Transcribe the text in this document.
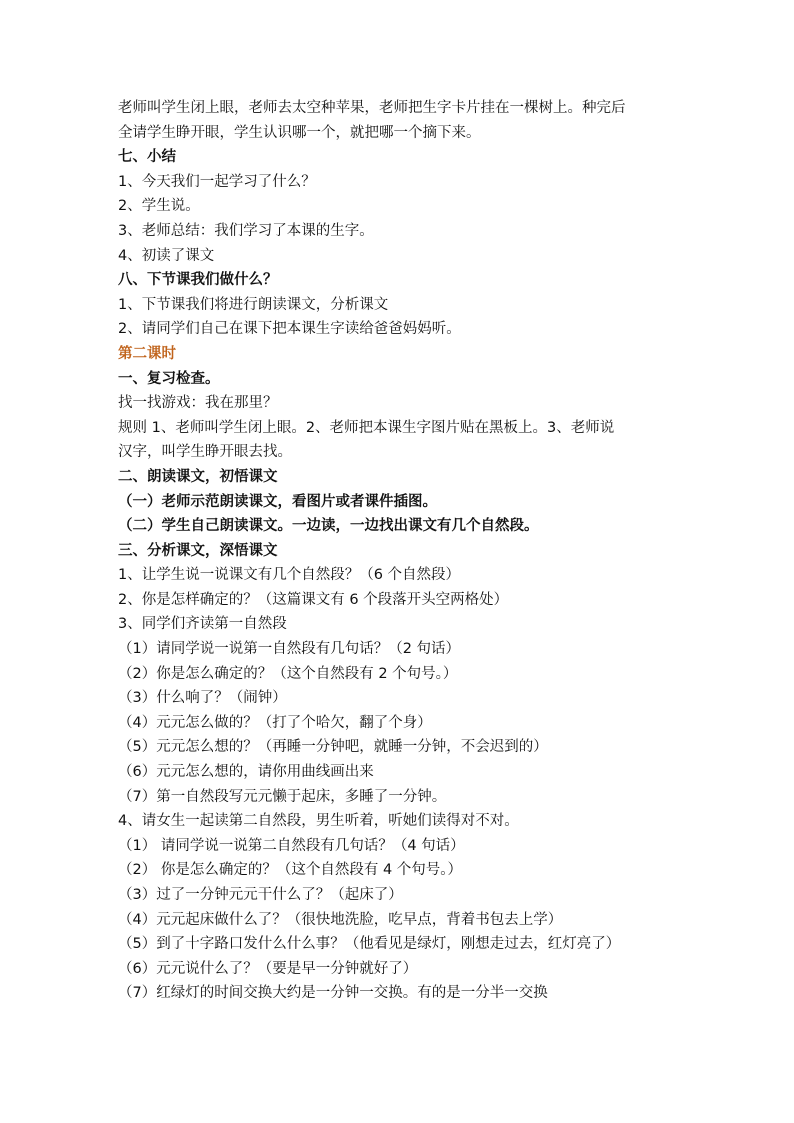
老师叫学生闭上眼，老师去太空种苹果，老师把生字卡片挂在一棵树上。种完后
全请学生睁开眼，学生认识哪一个，就把哪一个摘下来。
七、小结
1、今天我们一起学习了什么？
2、学生说。
3、老师总结：我们学习了本课的生字。
4、初读了课文
八、下节课我们做什么？
1、下节课我们将进行朗读课文，分析课文
2、请同学们自己在课下把本课生字读给爸爸妈妈听。
第二课时
一、复习检查。
找一找游戏：我在那里？
规则 1、老师叫学生闭上眼。2、老师把本课生字图片贴在黑板上。3、老师说
汉字，叫学生睁开眼去找。
二、朗读课文，初悟课文
（一）老师示范朗读课文，看图片或者课件插图。
（二）学生自己朗读课文。一边读，一边找出课文有几个自然段。
三、分析课文，深悟课文
1、让学生说一说课文有几个自然段？（6 个自然段）
2、你是怎样确定的？（这篇课文有 6 个段落开头空两格处）
3、同学们齐读第一自然段
（1）请同学说一说第一自然段有几句话？（2 句话）
（2）你是怎么确定的？（这个自然段有 2 个句号。）
（3）什么响了？（闹钟）
（4）元元怎么做的？（打了个哈欠，翻了个身）
（5）元元怎么想的？（再睡一分钟吧，就睡一分钟，不会迟到的）
（6）元元怎么想的，请你用曲线画出来
（7）第一自然段写元元懒于起床，多睡了一分钟。
4、请女生一起读第二自然段，男生听着，听她们读得对不对。
（1） 请同学说一说第二自然段有几句话？（4 句话）
（2） 你是怎么确定的？（这个自然段有 4 个句号。）
（3）过了一分钟元元干什么了？（起床了）
（4）元元起床做什么了？（很快地洗脸，吃早点，背着书包去上学）
（5）到了十字路口发什么什么事？（他看见是绿灯，刚想走过去，红灯亮了）
（6）元元说什么了？（要是早一分钟就好了）
（7）红绿灯的时间交换大约是一分钟一交换。有的是一分半一交换
